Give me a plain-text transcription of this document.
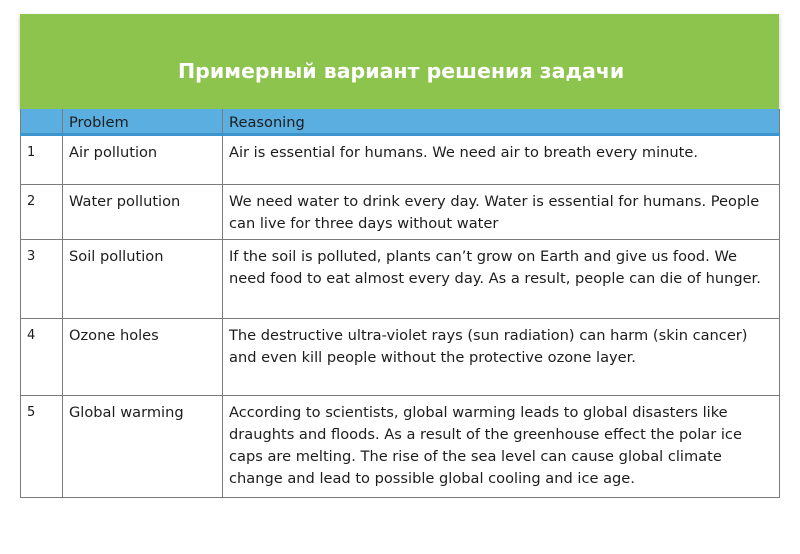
Примерный вариант решения задачи
	Problem	Reasoning
1	Air pollution	Air is essential for humans. We need air to breath every minute.
2	Water pollution	We need water to drink every day. Water is essential for humans. People can live for three days without water
3	Soil pollution	If the soil is polluted, plants can’t grow on Earth and give us food. We need food to eat almost every day. As a result, people can die of hunger.
4	Ozone holes	The destructive ultra-violet rays (sun radiation) can harm (skin cancer) and even kill people without the protective ozone layer.
5	Global warming	According to scientists, global warming leads to global disasters like draughts and floods. As a result of the greenhouse effect the polar ice caps are melting. The rise of the sea level can cause global climate change and lead to possible global cooling and ice age.
